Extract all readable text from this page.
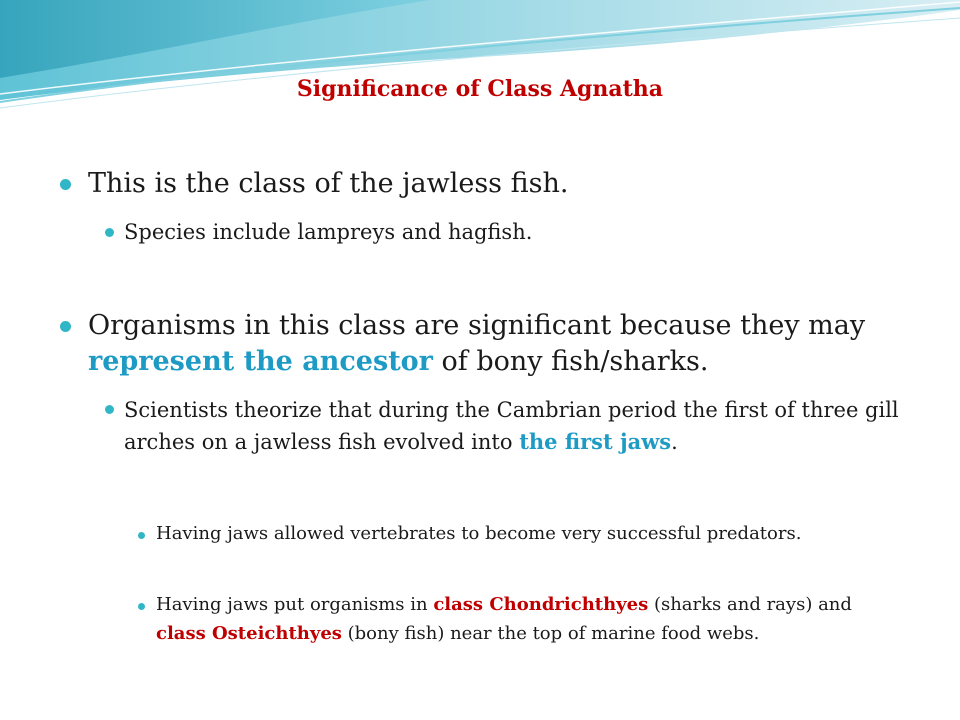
Significance of Class Agnatha
This is the class of the jawless fish.
Species include lampreys and hagfish.
Organisms in this class are significant because they may represent the ancestor of bony fish/sharks.
Scientists theorize that during the Cambrian period the first of three gill arches on a jawless fish evolved into the first jaws.
Having jaws allowed vertebrates to become very successful predators.
Having jaws put organisms in class Chondrichthyes (sharks and rays) and class Osteichthyes (bony fish) near the top of marine food webs.
